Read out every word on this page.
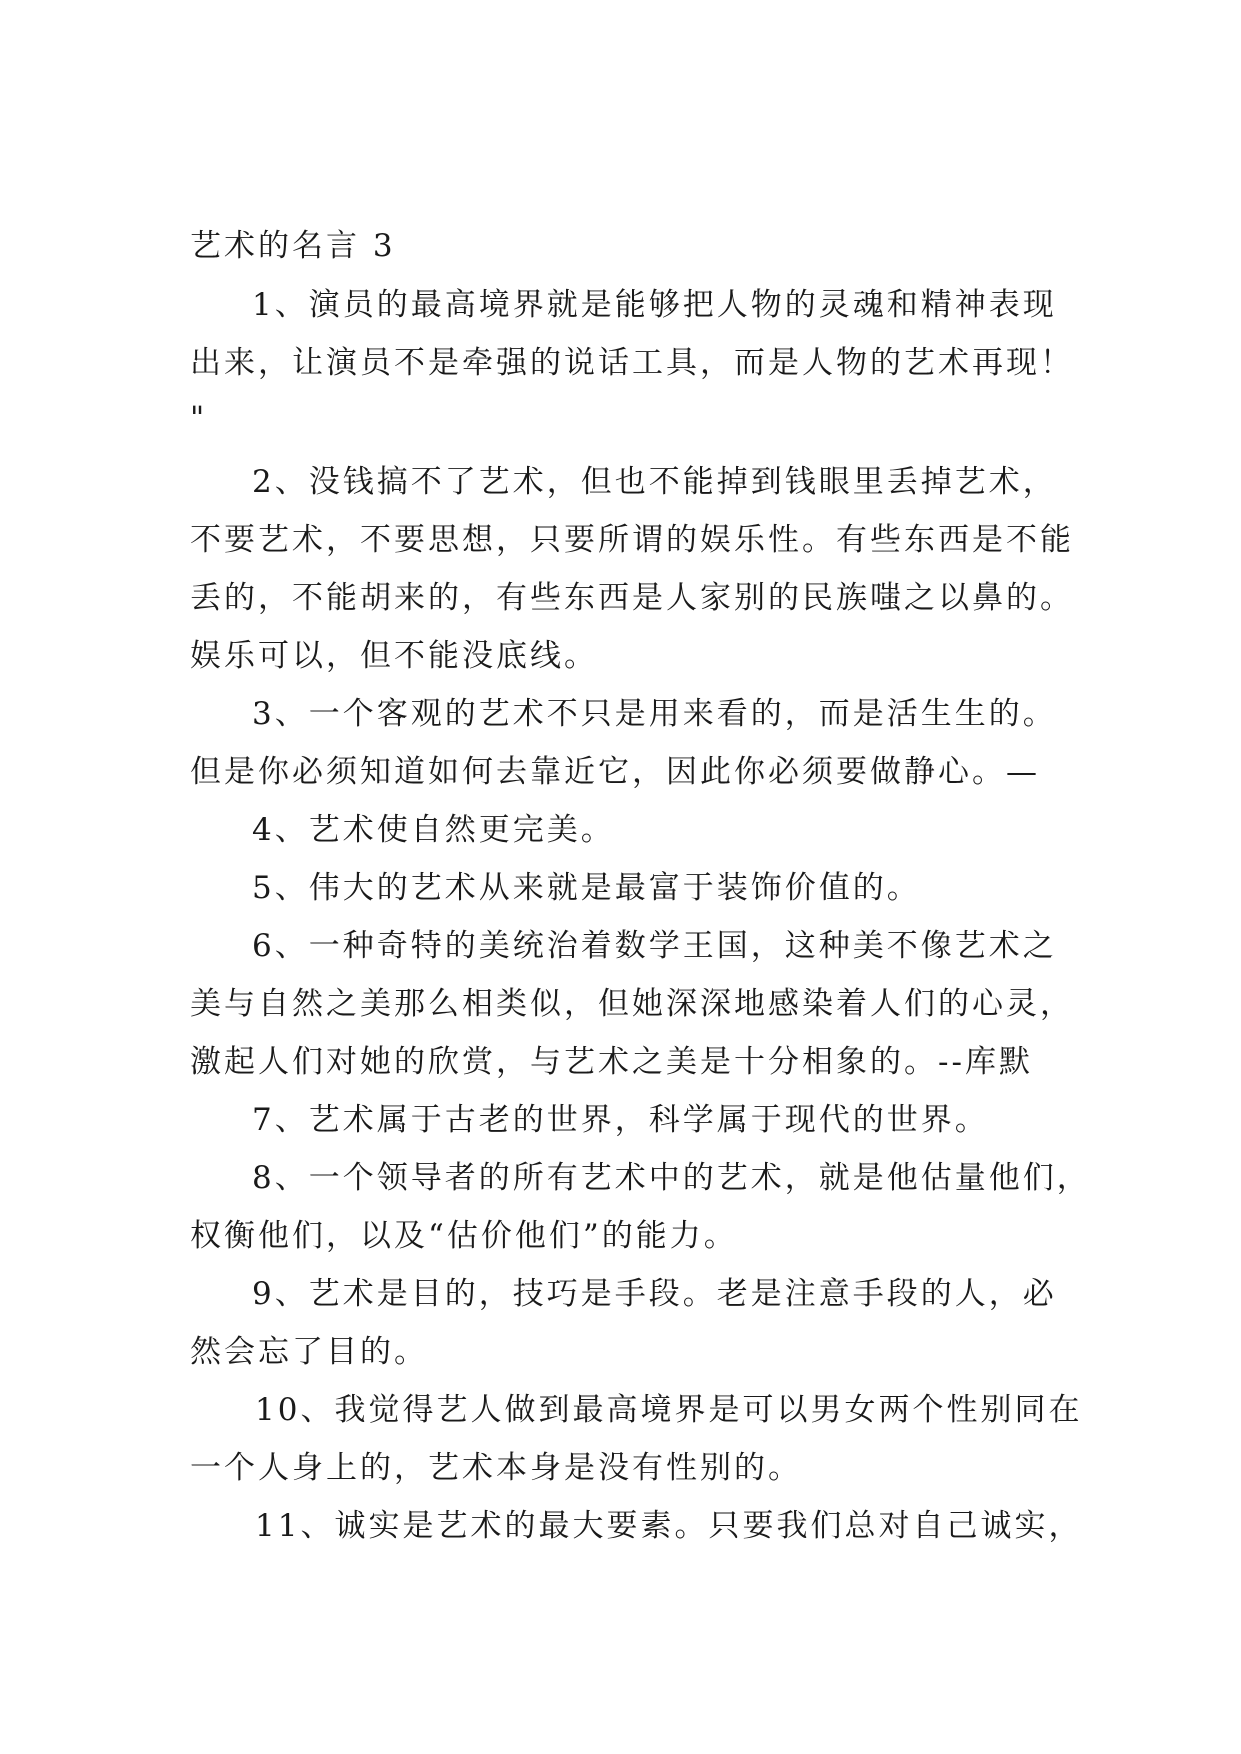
艺术的名言 3
1、演员的最高境界就是能够把人物的灵魂和精神表现
出来，让演员不是牵强的说话工具，而是人物的艺术再现！
"
2、没钱搞不了艺术，但也不能掉到钱眼里丢掉艺术，
不要艺术，不要思想，只要所谓的娱乐性。有些东西是不能
丢的，不能胡来的，有些东西是人家别的民族嗤之以鼻的。
娱乐可以，但不能没底线。
3、一个客观的艺术不只是用来看的，而是活生生的。
但是你必须知道如何去靠近它，因此你必须要做静心。—
4、艺术使自然更完美。
5、伟大的艺术从来就是最富于装饰价值的。
6、一种奇特的美统治着数学王国，这种美不像艺术之
美与自然之美那么相类似，但她深深地感染着人们的心灵，
激起人们对她的欣赏，与艺术之美是十分相象的。--库默
7、艺术属于古老的世界，科学属于现代的世界。
8、一个领导者的所有艺术中的艺术，就是他估量他们，
权衡他们，以及“估价他们”的能力。
9、艺术是目的，技巧是手段。老是注意手段的人，必
然会忘了目的。
10、我觉得艺人做到最高境界是可以男女两个性别同在
一个人身上的，艺术本身是没有性别的。
11、诚实是艺术的最大要素。只要我们总对自己诚实，
